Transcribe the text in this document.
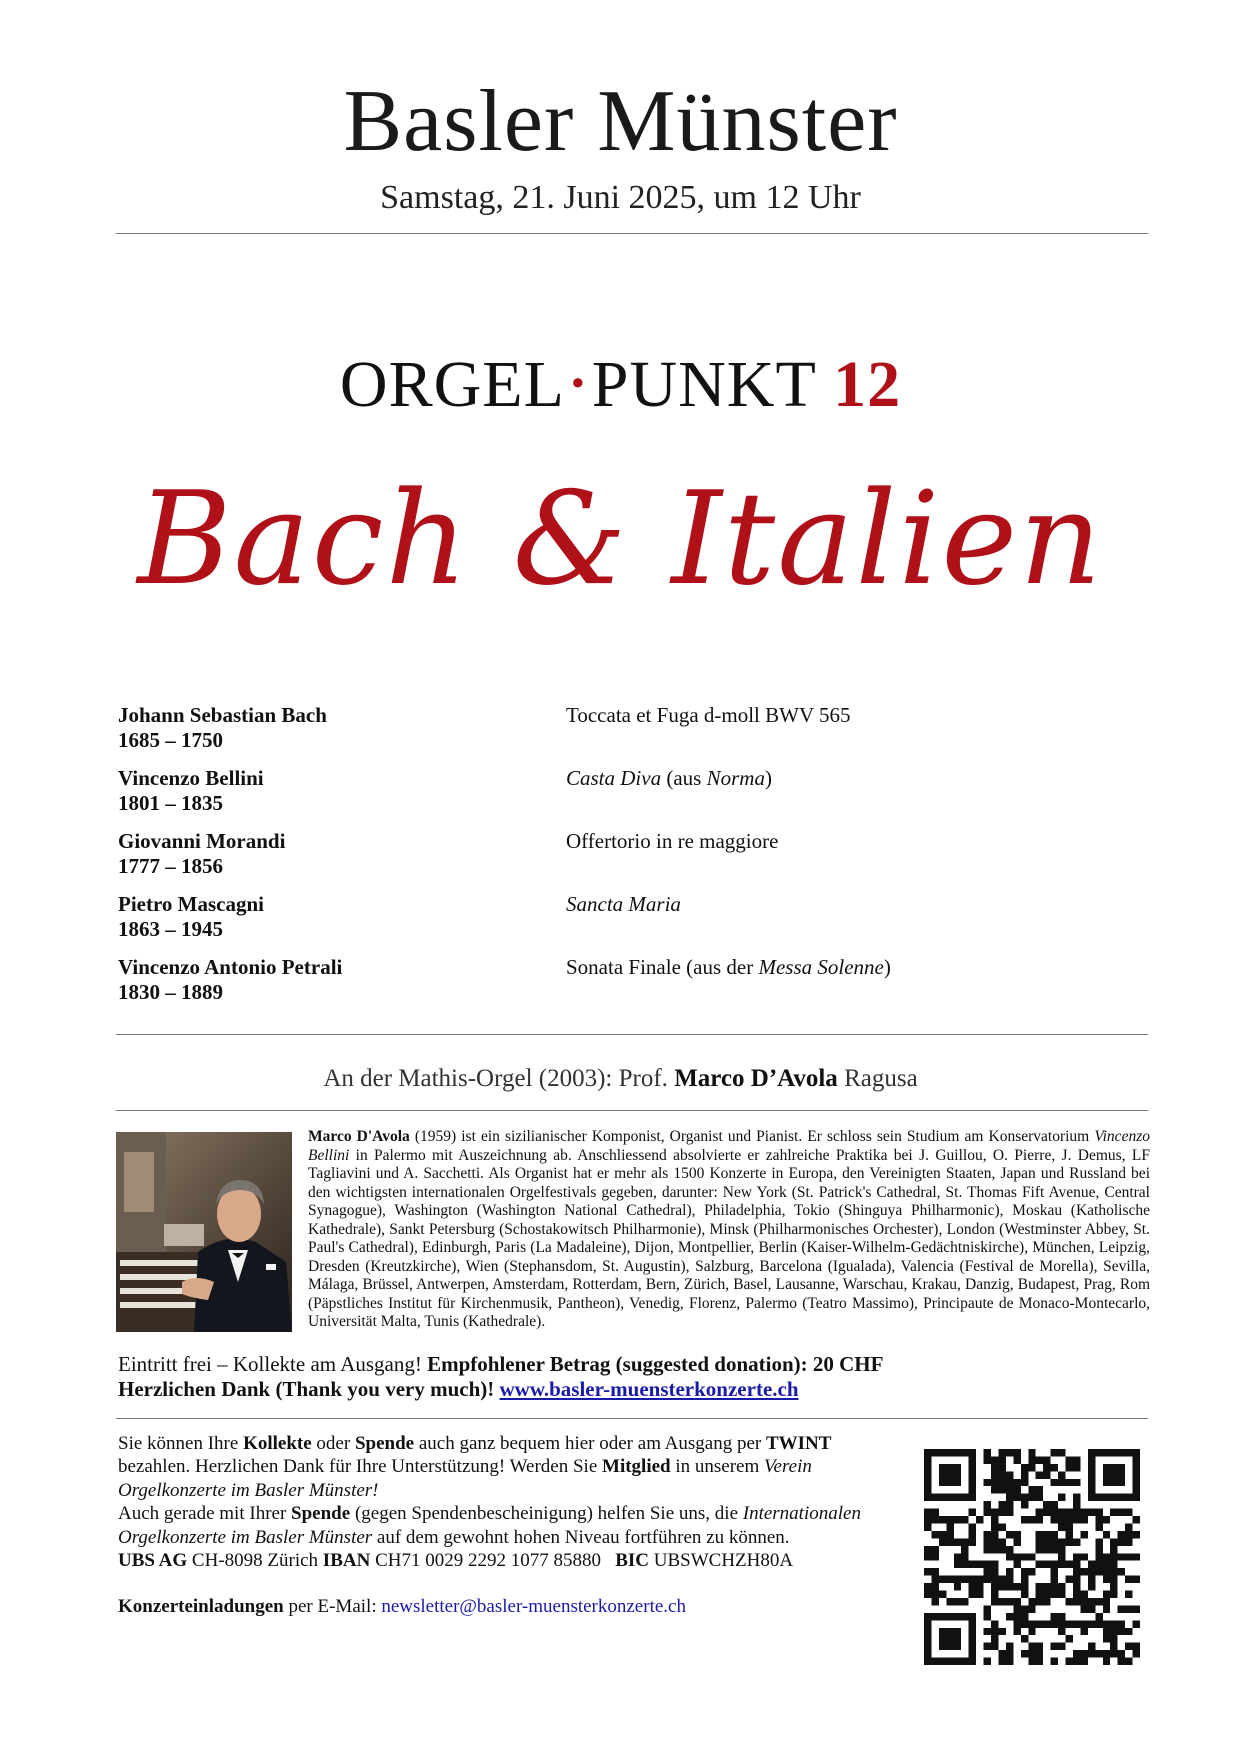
Basler Münster
Samstag, 21. Juni 2025, um 12 Uhr
ORGEL •PUNKT 12
Bach & Italien
Johann Sebastian Bach
1685 – 1750
Toccata et Fuga d-moll BWV 565
Vincenzo Bellini
1801 – 1835
Casta Diva (aus Norma)
Giovanni Morandi
1777 – 1856
Offertorio in re maggiore
Pietro Mascagni
1863 – 1945
Sancta Maria
Vincenzo Antonio Petrali
1830 – 1889
Sonata Finale (aus der Messa Solenne)
An der Mathis-Orgel (2003): Prof. Marco D’Avola Ragusa
Marco D'Avola (1959) ist ein sizilianischer Komponist, Organist und Pianist. Er schloss sein Studium am Konservatorium Vincenzo Bellini in Palermo mit Auszeichnung ab. Anschliessend absolvierte er zahlreiche Praktika bei J. Guillou, O. Pierre, J. Demus, LF Tagliavini und A. Sacchetti. Als Organist hat er mehr als 1500 Konzerte in Europa, den Vereinigten Staaten, Japan und Russland bei den wichtigsten internationalen Orgelfestivals gegeben, darunter: New York (St. Patrick's Cathedral, St. Thomas Fift Avenue, Central Synagogue), Washington (Washington National Cathedral), Philadelphia, Tokio (Shinguya Philharmonic), Moskau (Katholische Kathedrale), Sankt Petersburg (Schostakowitsch Philharmonie), Minsk (Philharmonisches Orchester), London (Westminster Abbey, St. Paul's Cathedral), Edinburgh, Paris (La Madaleine), Dijon, Montpellier, Berlin (Kaiser-Wilhelm-Gedächtniskirche), München, Leipzig, Dresden (Kreutzkirche), Wien (Stephansdom, St. Augustin), Salzburg, Barcelona (Igualada), Valencia (Festival de Morella), Sevilla, Málaga, Brüssel, Antwerpen, Amsterdam, Rotterdam, Bern, Zürich, Basel, Lausanne, Warschau, Krakau, Danzig, Budapest, Prag, Rom (Päpstliches Institut für Kirchenmusik, Pantheon), Venedig, Florenz, Palermo (Teatro Massimo), Principaute de Monaco-Montecarlo, Universität Malta, Tunis (Kathedrale).
Eintritt frei – Kollekte am Ausgang! Empfohlener Betrag (suggested donation): 20 CHF
Herzlichen Dank (Thank you very much)! www.basler-muensterkonzerte.ch
Sie können Ihre Kollekte oder Spende auch ganz bequem hier oder am Ausgang per TWINT bezahlen. Herzlichen Dank für Ihre Unterstützung! Werden Sie Mitglied in unserem Verein Orgelkonzerte im Basler Münster!
Auch gerade mit Ihrer Spende (gegen Spendenbescheinigung) helfen Sie uns, die Internationalen Orgelkonzerte im Basler Münster auf dem gewohnt hohen Niveau fortführen zu können.
UBS AG CH-8098 Zürich IBAN CH71 0029 2292 1077 85880   BIC UBSWCHZH80A
Konzerteinladungen per E-Mail: newsletter@basler-muensterkonzerte.ch
